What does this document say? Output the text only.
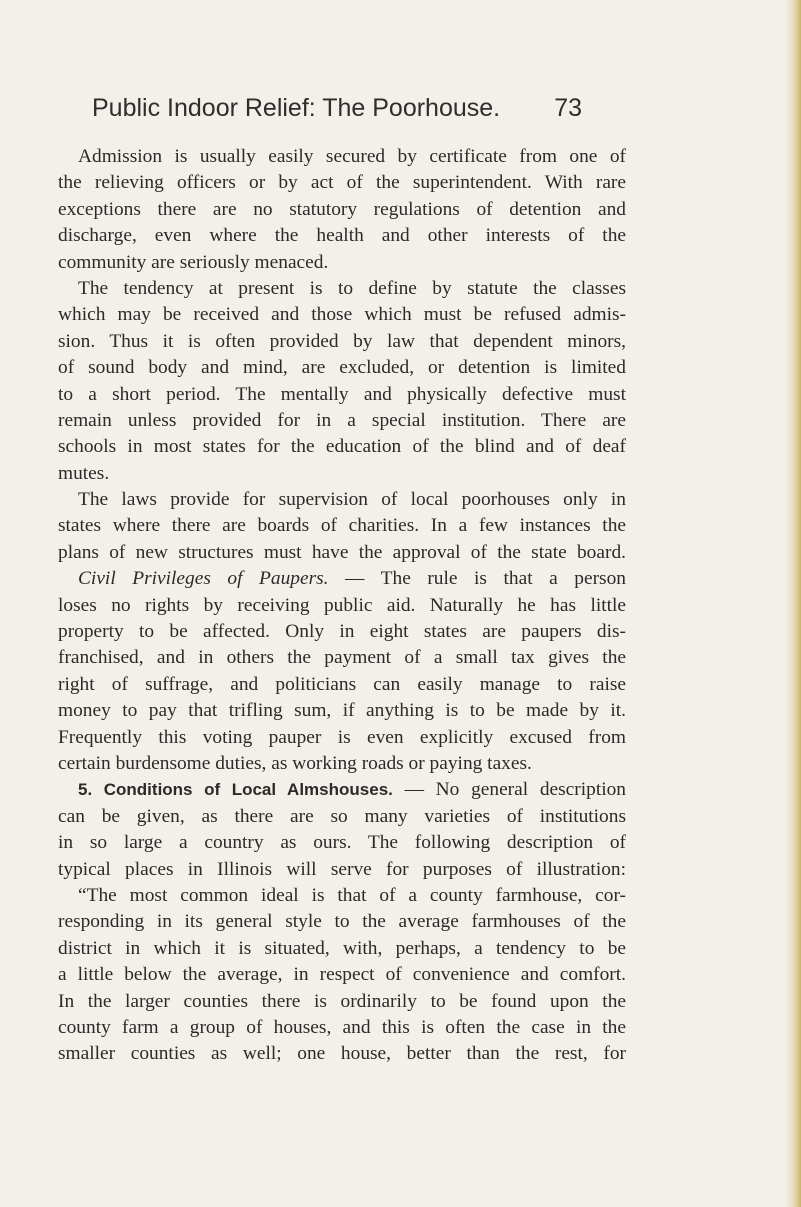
Public Indoor Relief: The Poorhouse. 73
Admission is usually easily secured by certificate from one of
the relieving officers or by act of the superintendent. With rare
exceptions there are no statutory regulations of detention and
discharge, even where the health and other interests of the
community are seriously menaced.
The tendency at present is to define by statute the classes
which may be received and those which must be refused admis-
sion. Thus it is often provided by law that dependent minors,
of sound body and mind, are excluded, or detention is limited
to a short period. The mentally and physically defective must
remain unless provided for in a special institution. There are
schools in most states for the education of the blind and of deaf
mutes.
The laws provide for supervision of local poorhouses only in
states where there are boards of charities. In a few instances the
plans of new structures must have the approval of the state board.
Civil Privileges of Paupers. — The rule is that a person
loses no rights by receiving public aid. Naturally he has little
property to be affected. Only in eight states are paupers dis-
franchised, and in others the payment of a small tax gives the
right of suffrage, and politicians can easily manage to raise
money to pay that trifling sum, if anything is to be made by it.
Frequently this voting pauper is even explicitly excused from
certain burdensome duties, as working roads or paying taxes.
5. Conditions of Local Almshouses. — No general description
can be given, as there are so many varieties of institutions
in so large a country as ours. The following description of
typical places in Illinois will serve for purposes of illustration:
“The most common ideal is that of a county farmhouse, cor-
responding in its general style to the average farmhouses of the
district in which it is situated, with, perhaps, a tendency to be
a little below the average, in respect of convenience and comfort.
In the larger counties there is ordinarily to be found upon the
county farm a group of houses, and this is often the case in the
smaller counties as well; one house, better than the rest, for
